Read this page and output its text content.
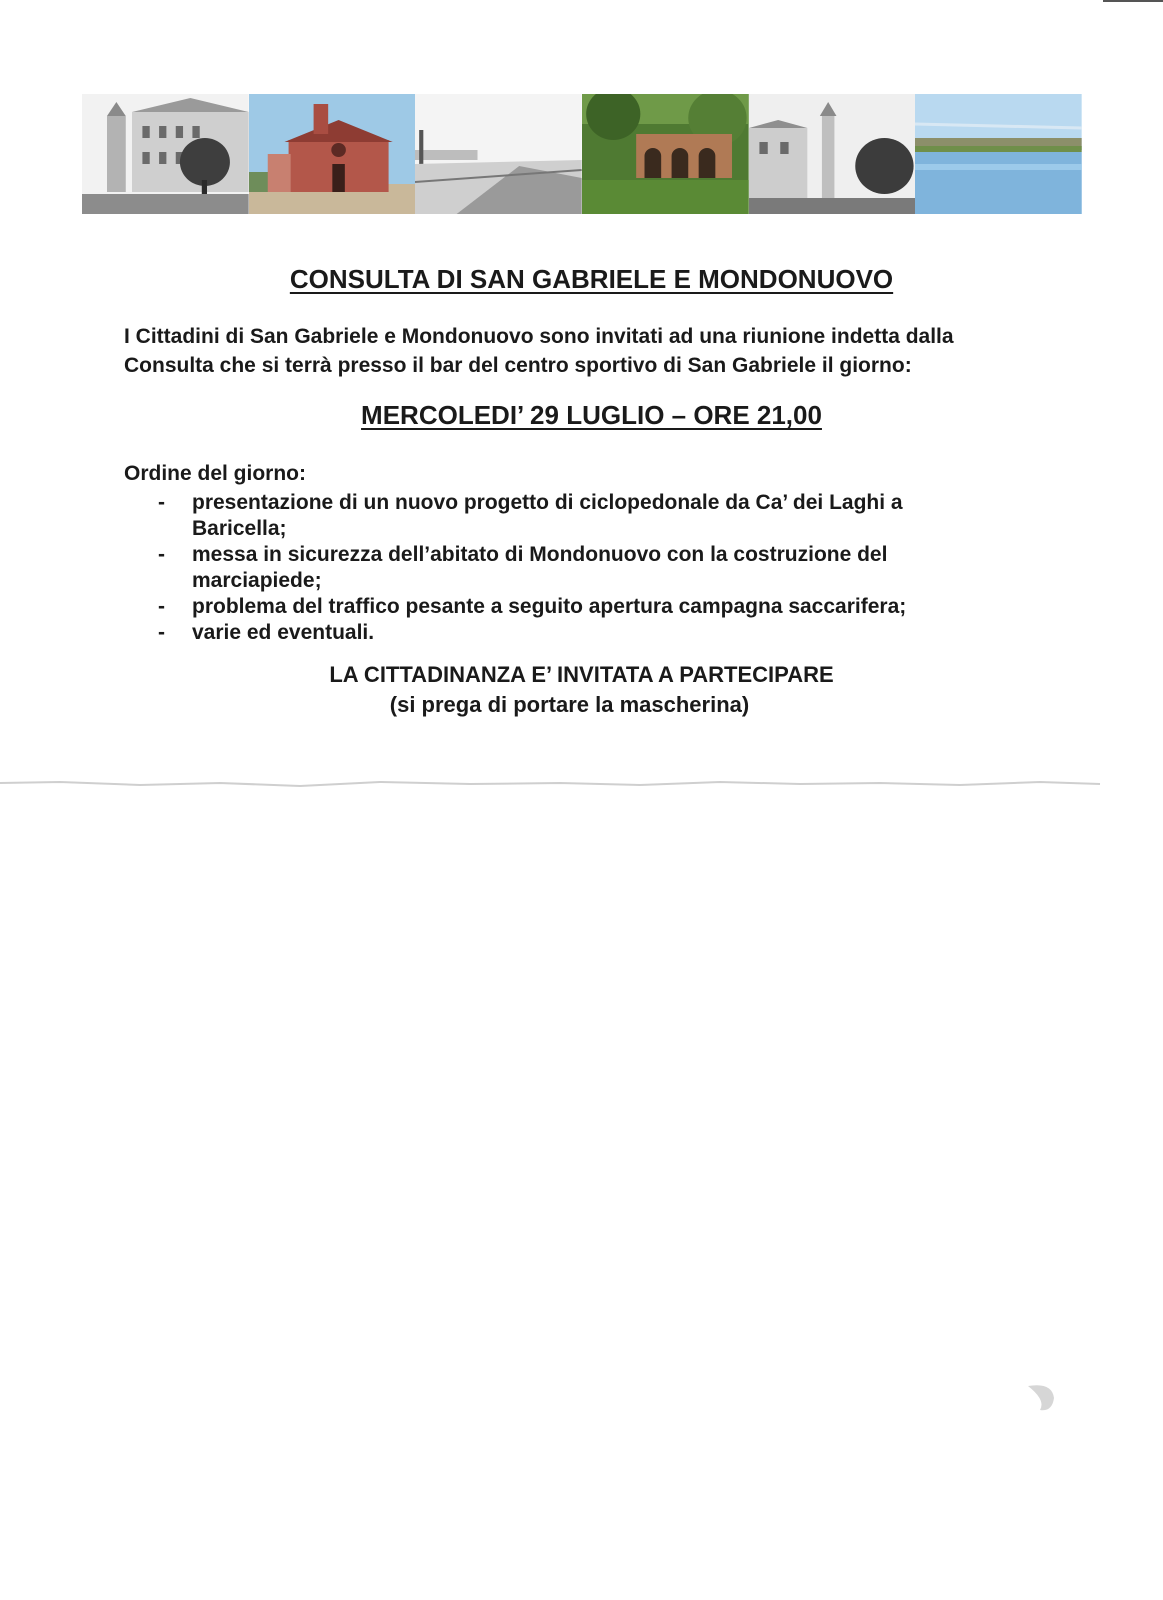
CONSULTA DI SAN GABRIELE E MONDONUOVO
I Cittadini di San Gabriele e Mondonuovo sono invitati ad una riunione indetta dalla
Consulta che si terrà presso il bar del centro sportivo di San Gabriele il giorno:
MERCOLEDI’ 29 LUGLIO – ORE 21,00
Ordine del giorno:
- presentazione di un nuovo progetto di ciclopedonale da Ca’ dei Laghi a
Baricella;
- messa in sicurezza dell’abitato di Mondonuovo con la costruzione del
marciapiede;
- problema del traffico pesante a seguito apertura campagna saccarifera;
- varie ed eventuali.
LA CITTADINANZA E’ INVITATA A PARTECIPARE
(si prega di portare la mascherina)
